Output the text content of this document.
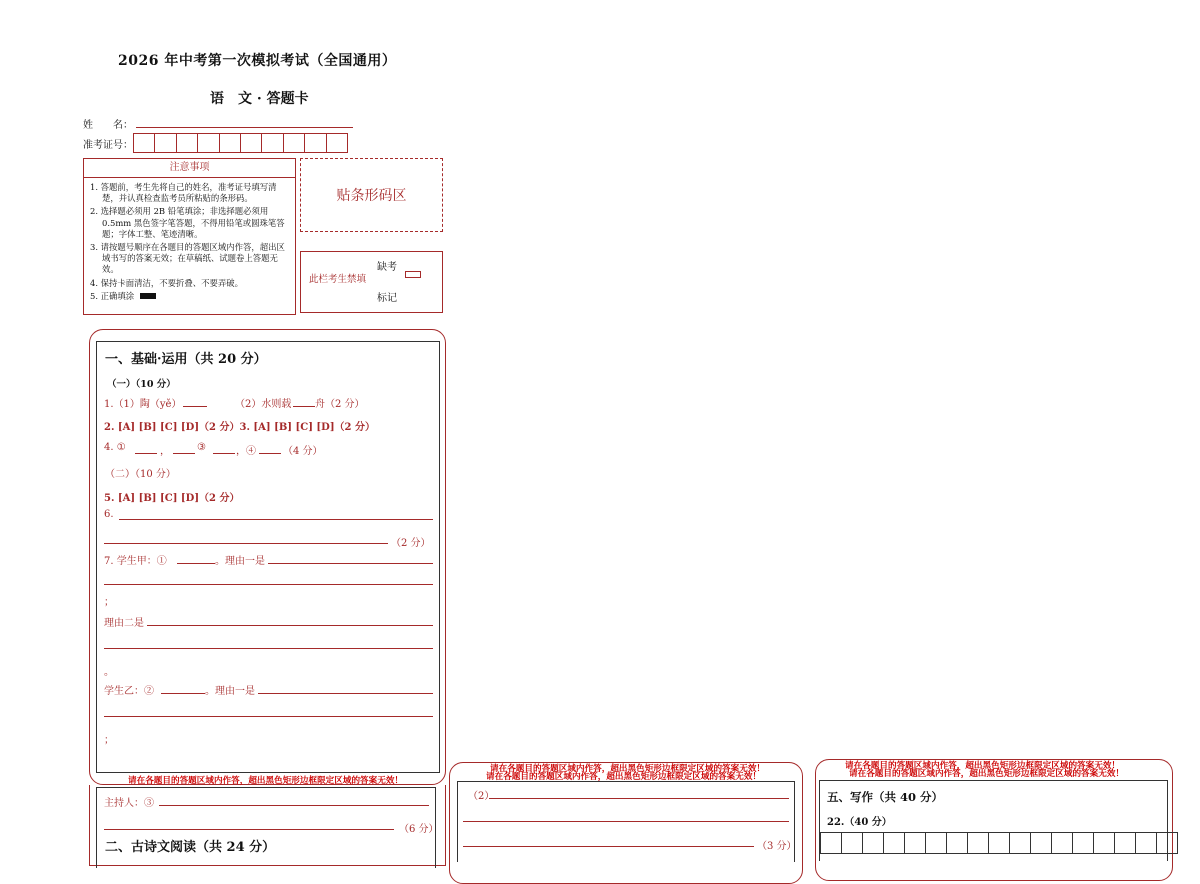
2026 年中考第一次模拟考试（全国通用）
语　文 · 答题卡
姓　　名：
准考证号：
注意事项
1. 答题前，考生先将自己的姓名，准考证号填写清楚，并认真检查监考员所粘贴的条形码。
2. 选择题必须用 2B 铅笔填涂；非选择题必须用 0.5mm 黑色签字笔答题，不得用铅笔或圆珠笔答题；字体工整、笔迹清晰。
3. 请按题号顺序在各题目的答题区域内作答，超出区域书写的答案无效；在草稿纸、试题卷上答题无效。
4. 保持卡面清洁，不要折叠、不要弄破。
5. 正确填涂
贴条形码区
此栏考生禁填
缺考
标记
一、基础·运用（共 20 分）
（一）（10 分）
1.（1）陶（yě）	（2）水则载 舟（2 分）
2. [A] [B] [C] [D]（2 分）3. [A] [B] [C] [D]（2 分）
4. ①	，	③	，④	（4 分）
（二）（10 分）
5. [A] [B] [C] [D]（2 分）
6.
（2 分）
7. 学生甲：①	。理由一是
；
理由二是
。
学生乙：②	。理由一是
；
请在各题目的答题区域内作答，超出黑色矩形边框限定区域的答案无效！
主持人：③
（6 分）
二、古诗文阅读（共 24 分）
请在各题目的答题区域内作答，超出黑色矩形边框限定区域的答案无效！
请在各题目的答题区域内作答，超出黑色矩形边框限定区域的答案无效！
（2）
（3 分）
请在各题目的答题区域内作答，超出黑色矩形边框限定区域的答案无效！
请在各题目的答题区域内作答，超出黑色矩形边框限定区域的答案无效！
五、写作（共 40 分）
22.（40 分）
